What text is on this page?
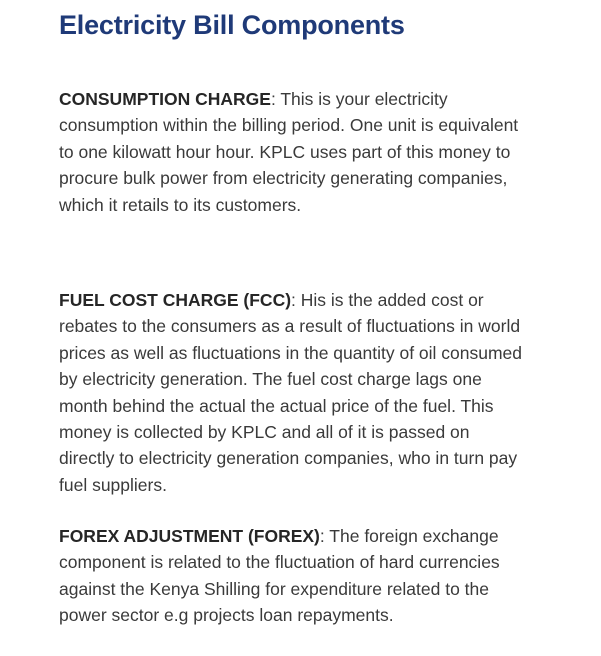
Electricity Bill Components

CONSUMPTION CHARGE: This is your electricity consumption within the billing period. One unit is equivalent to one kilowatt hour hour. KPLC uses part of this money to procure bulk power from electricity generating companies, which it retails to its customers.

FUEL COST CHARGE (FCC): His is the added cost or rebates to the consumers as a result of fluctuations in world prices as well as fluctuations in the quantity of oil consumed by electricity generation. The fuel cost charge lags one month behind the actual the actual price of the fuel. This money is collected by KPLC and all of it is passed on directly to electricity generation companies, who in turn pay fuel suppliers.

FOREX ADJUSTMENT (FOREX): The foreign exchange component is related to the fluctuation of hard currencies against the Kenya Shilling for expenditure related to the power sector e.g projects loan repayments.
